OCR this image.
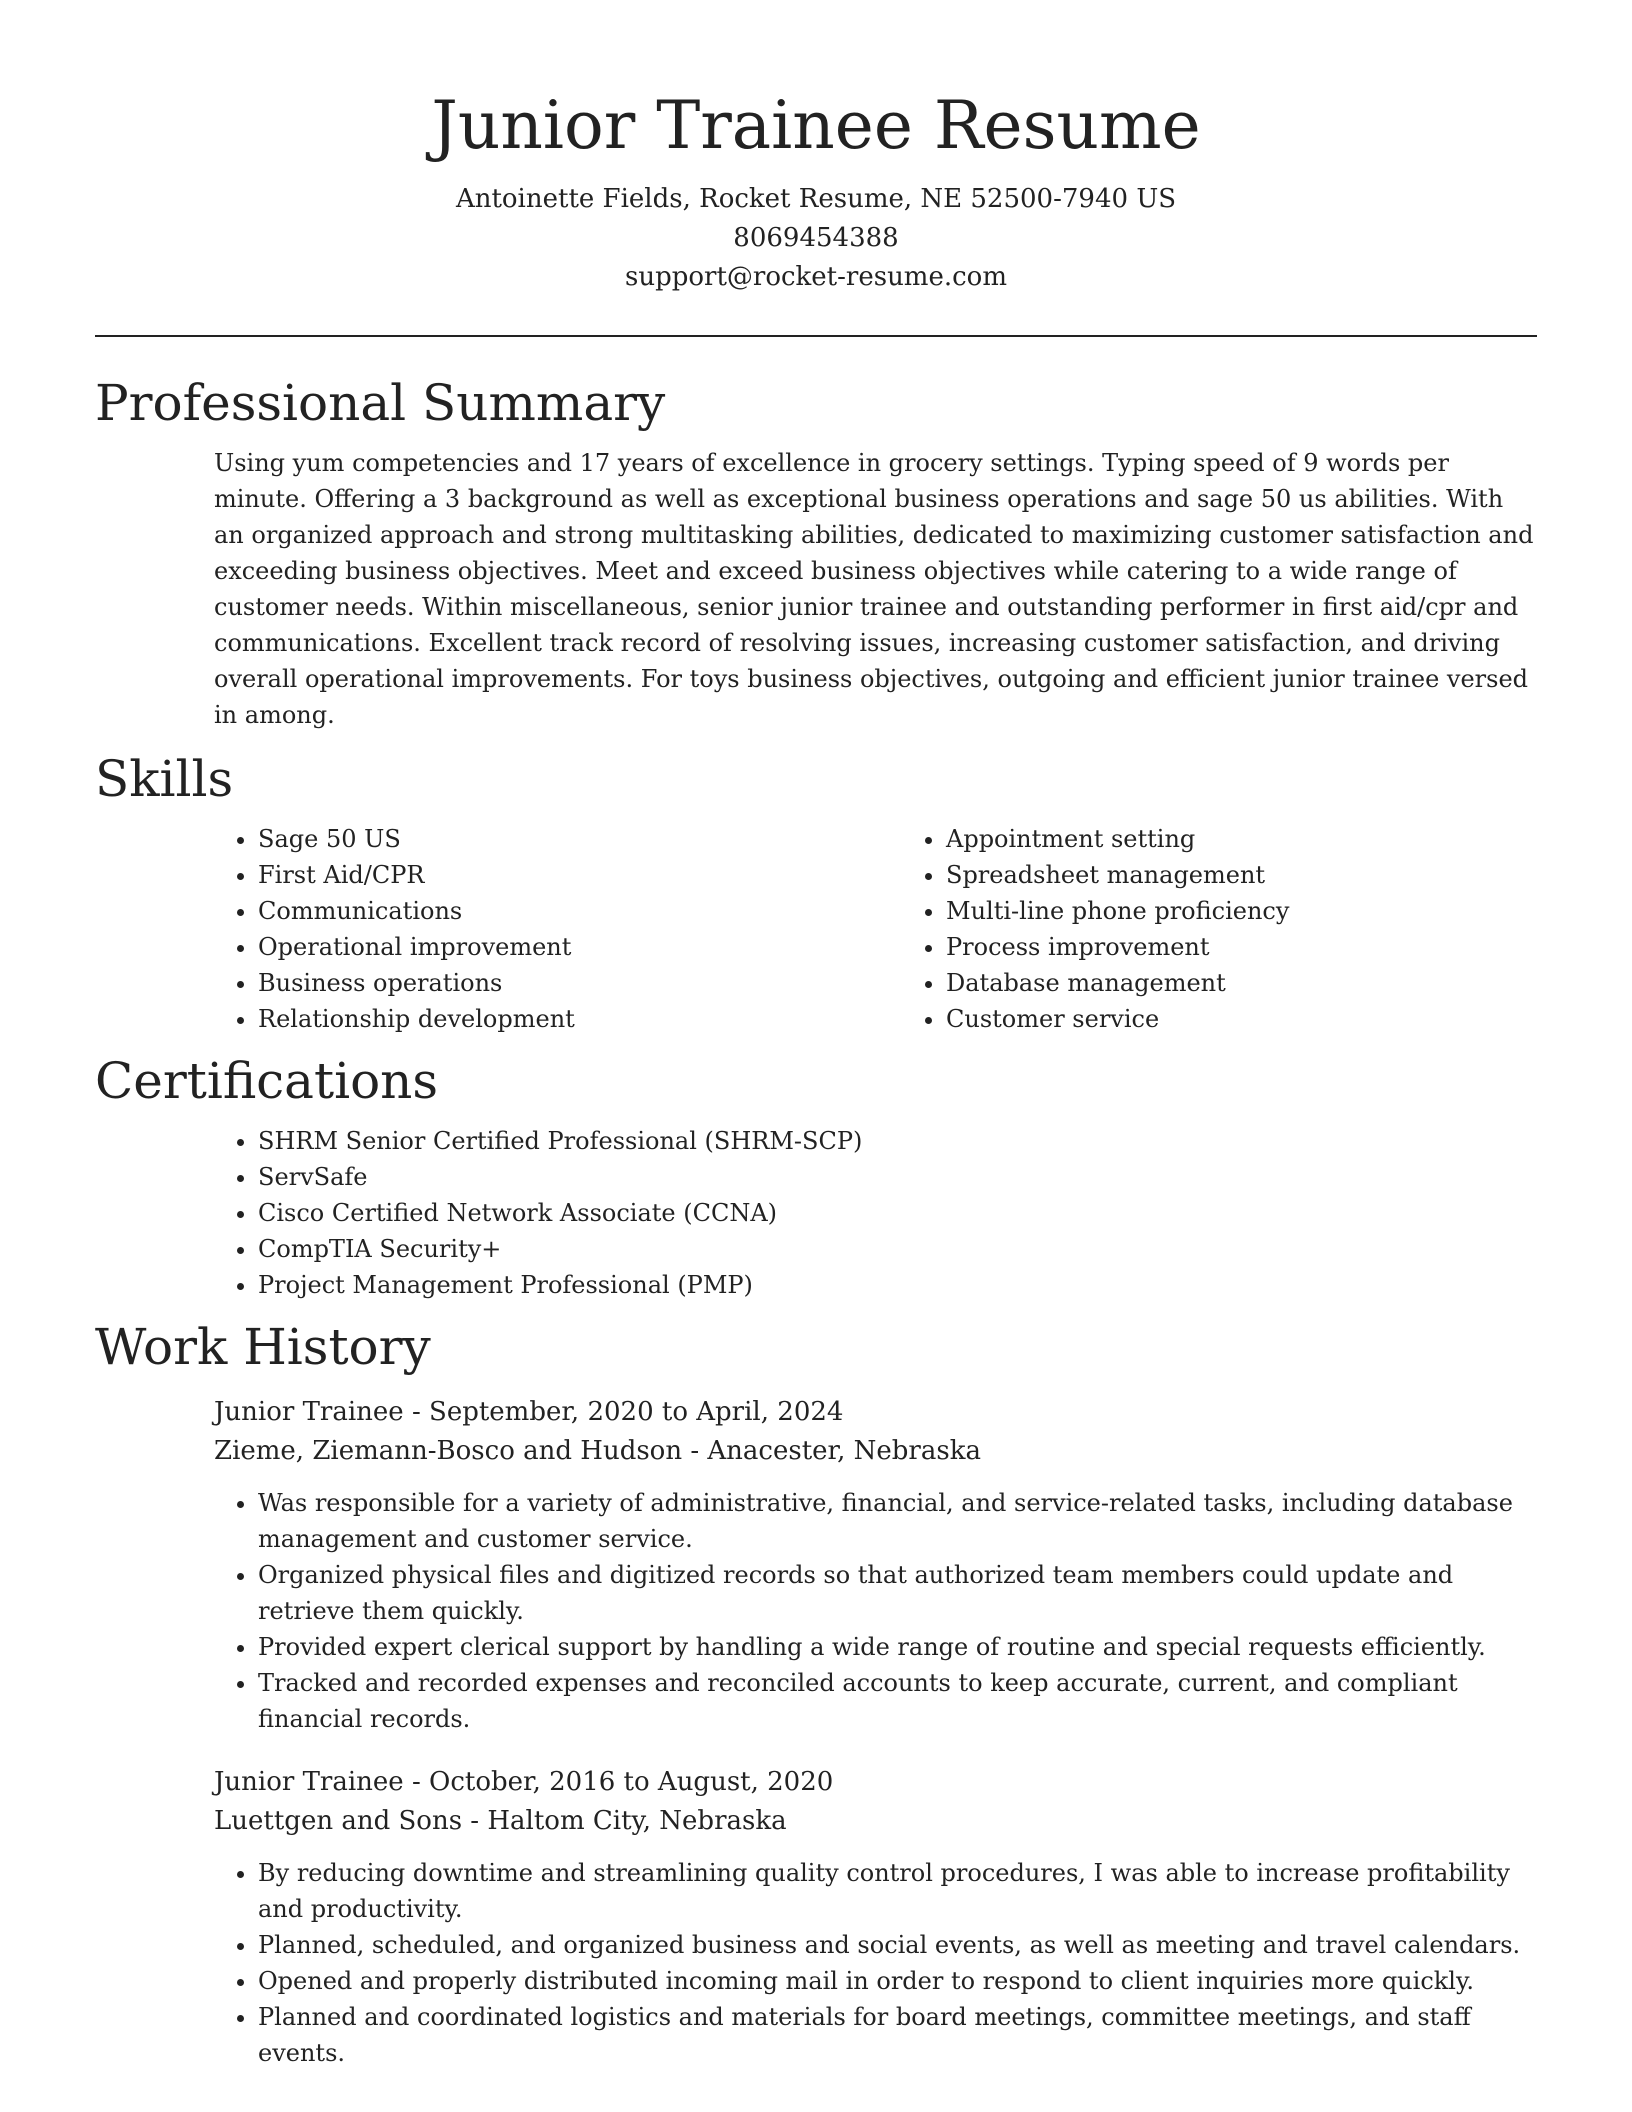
Junior Trainee Resume

Antoinette Fields, Rocket Resume, NE 52500-7940 US

8069454388

support@rocket-resume.com

Professional Summary

Using yum competencies and 17 years of excellence in grocery settings. Typing speed of 9 words per minute. Offering a 3 background as well as exceptional business operations and sage 50 us abilities. With an organized approach and strong multitasking abilities, dedicated to maximizing customer satisfaction and exceeding business objectives. Meet and exceed business objectives while catering to a wide range of customer needs. Within miscellaneous, senior junior trainee and outstanding performer in first aid/cpr and communications. Excellent track record of resolving issues, increasing customer satisfaction, and driving overall operational improvements. For toys business objectives, outgoing and efficient junior trainee versed in among.

Skills
• Sage 50 US
• First Aid/CPR
• Communications
• Operational improvement
• Business operations
• Relationship development
• Appointment setting
• Spreadsheet management
• Multi-line phone proficiency
• Process improvement
• Database management
• Customer service
Certifications
• SHRM Senior Certified Professional (SHRM-SCP)
• ServSafe
• Cisco Certified Network Associate (CCNA)
• CompTIA Security+
• Project Management Professional (PMP)
Work History

Junior Trainee - September, 2020 to April, 2024

Zieme, Ziemann-Bosco and Hudson - Anacester, Nebraska

• Was responsible for a variety of administrative, financial, and service-related tasks, including database management and customer service.
• Organized physical files and digitized records so that authorized team members could update and retrieve them quickly.
• Provided expert clerical support by handling a wide range of routine and special requests efficiently.
• Tracked and recorded expenses and reconciled accounts to keep accurate, current, and compliant financial records.

Junior Trainee - October, 2016 to August, 2020

Luettgen and Sons - Haltom City, Nebraska

• By reducing downtime and streamlining quality control procedures, I was able to increase profitability and productivity.
• Planned, scheduled, and organized business and social events, as well as meeting and travel calendars.
• Opened and properly distributed incoming mail in order to respond to client inquiries more quickly.
• Planned and coordinated logistics and materials for board meetings, committee meetings, and staff events.
